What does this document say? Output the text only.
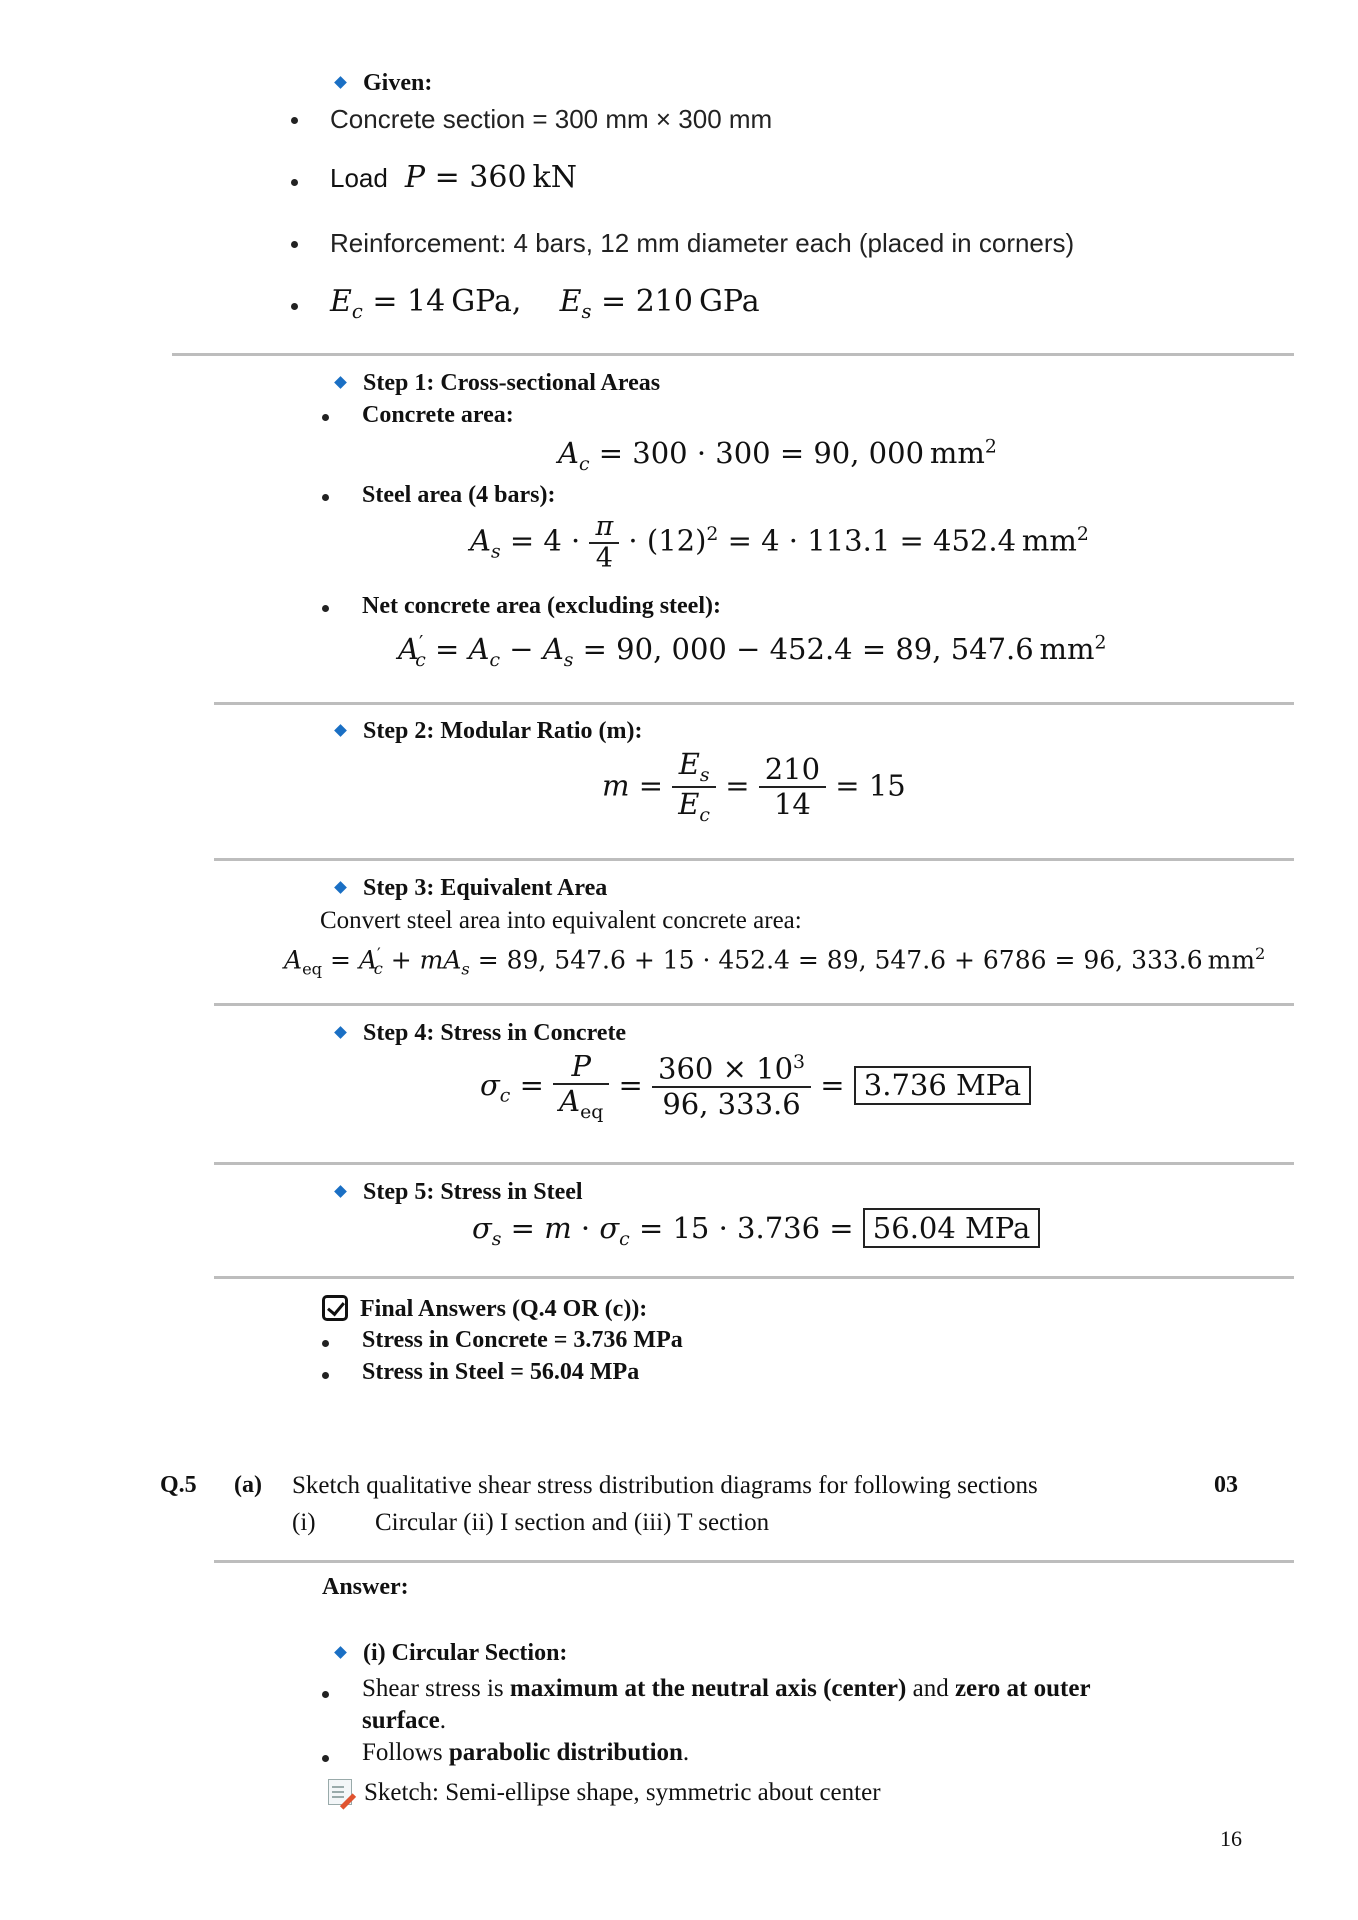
Given:
Concrete section = 300 mm × 300 mm
Load P = 360 kN
Reinforcement: 4 bars, 12 mm diameter each (placed in corners)
$E_c = 14$ GPa,    $E_s = 210$ GPa
Step 1: Cross-sectional Areas
Concrete area:
$A_c = 300 \cdot 300 = 90$, 000 $mm^2$
Steel area (4 bars):
$A_s = 4 \cdot \frac{\pi}{4} \cdot (12)^2 = 4 \cdot 113.1 = 452.4$ $mm^2$
Net concrete area (excluding steel):
$A'_c = A_c - A_s = 90$, 000 − 452.4 = 89, 547.6 $mm^2$
Step 2: Modular Ratio (m):
$m = \frac{E_s}{E_c} = \frac{210}{14} = 15$
Step 3: Equivalent Area
Convert steel area into equivalent concrete area:
$A_{eq} = A'_c + mA_s = 89$, 547.6 + 15 · 452.4 = 89, 547.6 + 6786 = 96, 333.6 $mm^2$
Step 4: Stress in Concrete
$\sigma_c = \frac{P}{A_{eq}} = \frac{360 \times 10^3}{96, 333.6} = 3.736$ MPa
Step 5: Stress in Steel
$\sigma_s = m \cdot \sigma_c = 15 \cdot 3.736 = 56.04$ MPa
Final Answers (Q.4 OR (c)):
Stress in Concrete = 3.736 MPa
Stress in Steel = 56.04 MPa
Q.5 (a) Sketch qualitative shear stress distribution diagrams for following sections	03
(i) Circular (ii) I section and (iii) T section
Answer:
(i) Circular Section:
Shear stress is maximum at the neutral axis (center) and zero at outer
surface.
Follows parabolic distribution.
Sketch: Semi-ellipse shape, symmetric about center
16
